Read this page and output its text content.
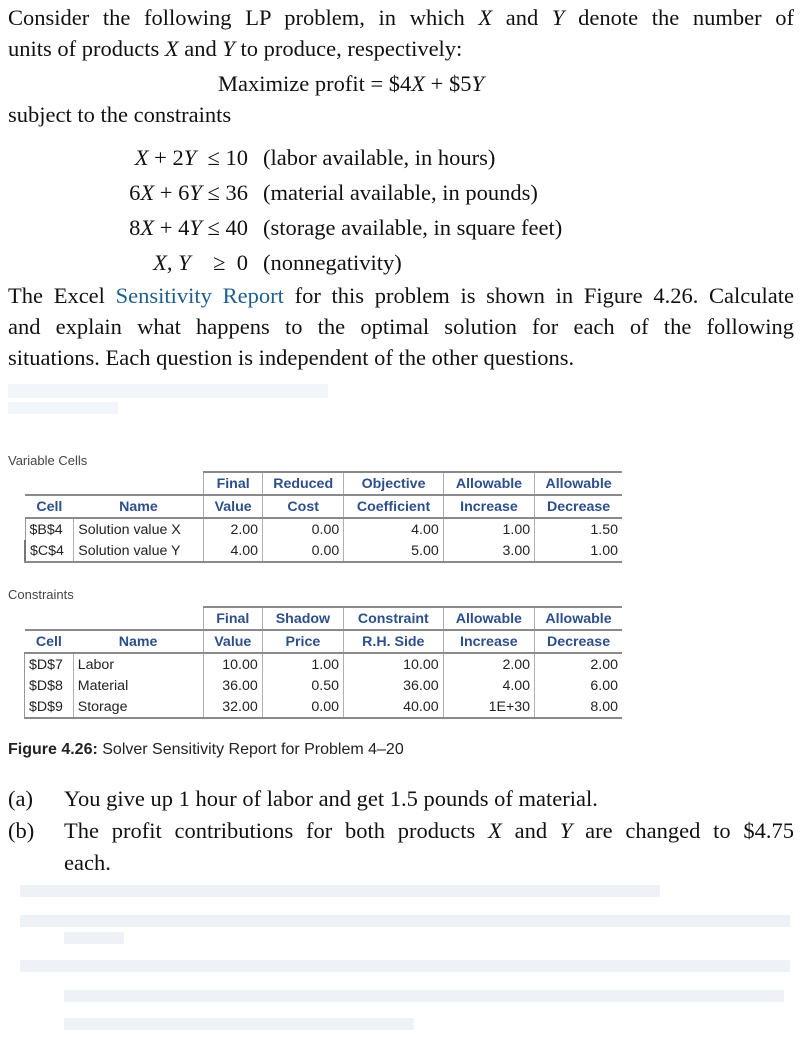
Consider the following LP problem, in which X and Y denote the number of
units of products X and Y to produce, respectively:
Maximize profit = $4X + $5Y
subject to the constraints
X + 2Y  ≤ 10 (labor available, in hours)
6X + 6Y ≤ 36 (material available, in pounds)
8X + 4Y ≤ 40 (storage available, in square feet)
X, Y    ≥  0 (nonnegativity)
The Excel Sensitivity Report for this problem is shown in Figure 4.26. Calculate
and explain what happens to the optimal solution for each of the following
situations. Each question is independent of the other questions.
Variable Cells
		Final	Reduced	Objective	Allowable	Allowable
Cell	Name	Value	Cost	Coefficient	Increase	Decrease
$B$4	Solution value X	2.00	0.00	4.00	1.00	1.50
$C$4	Solution value Y	4.00	0.00	5.00	3.00	1.00
Constraints
		Final	Shadow	Constraint	Allowable	Allowable
Cell	Name	Value	Price	R.H. Side	Increase	Decrease
$D$7	Labor	10.00	1.00	10.00	2.00	2.00
$D$8	Material	36.00	0.50	36.00	4.00	6.00
$D$9	Storage	32.00	0.00	40.00	1E+30	8.00
Figure 4.26: Solver Sensitivity Report for Problem 4–20
(a) You give up 1 hour of labor and get 1.5 pounds of material.
(b) The profit contributions for both products X and Y are changed to $4.75
each.
